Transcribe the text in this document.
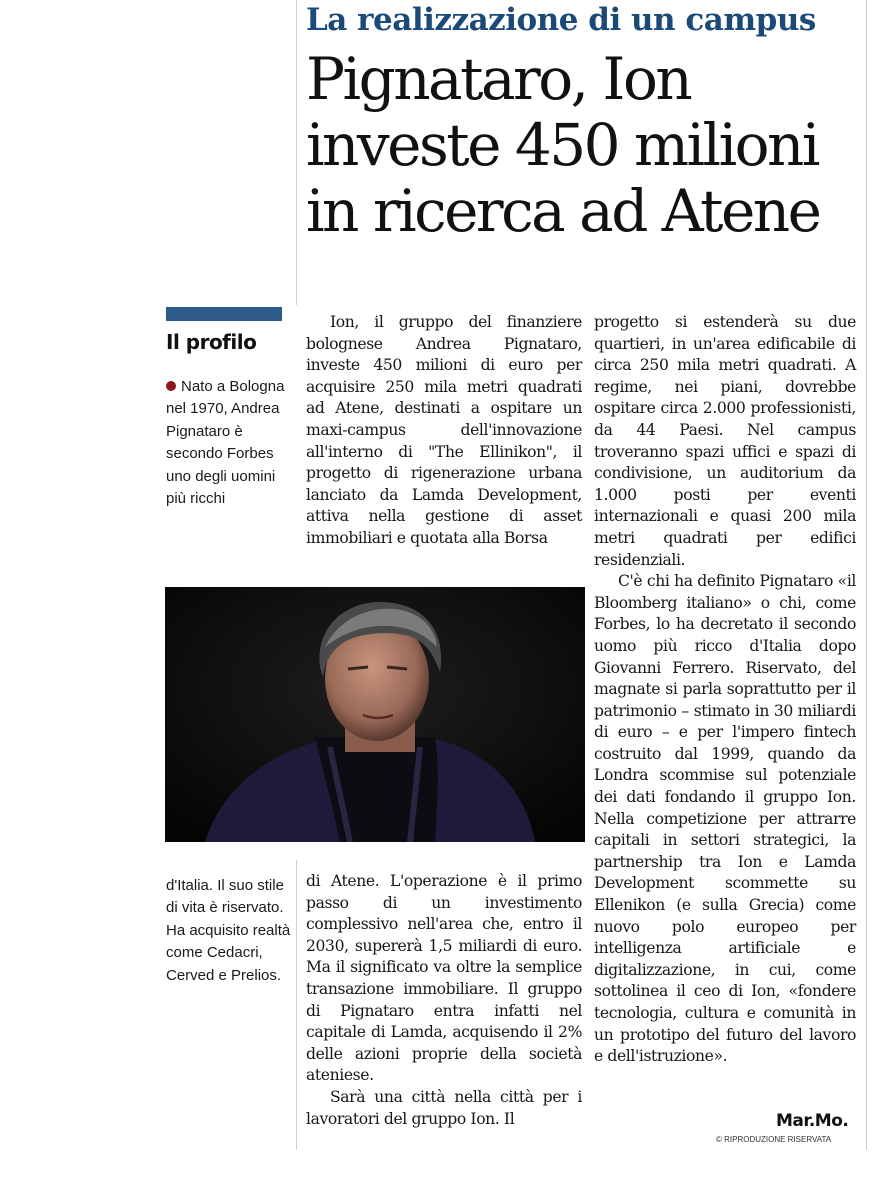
La realizzazione di un campus
Pignataro, Ion investe 450 milioni in ricerca ad Atene
Il profilo
Nato a Bologna nel 1970, Andrea Pignataro è secondo Forbes uno degli uomini più ricchi
d'Italia. Il suo stile di vita è riservato. Ha acquisito realtà come Cedacri, Cerved e Prelios.

Ion, il gruppo del finanziere bolognese Andrea Pignataro, investe 450 milioni di euro per acquisire 250 mila metri quadrati ad Atene, destinati a ospitare un maxi-campus dell'innovazione all'interno di "The Ellinikon", il progetto di rigenerazione urbana lanciato da Lamda Development, attiva nella gestione di asset immobiliari e quotata alla Borsa

di Atene. L'operazione è il primo passo di un investimento complessivo nell'area che, entro il 2030, supererà 1,5 miliardi di euro. Ma il significato va oltre la semplice transazione immobiliare. Il gruppo di Pignataro entra infatti nel capitale di Lamda, acquisendo il 2% delle azioni proprie della società ateniese.

Sarà una città nella città per i lavoratori del gruppo Ion. Il

progetto si estenderà su due quartieri, in un'area edificabile di circa 250 mila metri quadrati. A regime, nei piani, dovrebbe ospitare circa 2.000 professionisti, da 44 Paesi. Nel campus troveranno spazi uffici e spazi di condivisione, un auditorium da 1.000 posti per eventi internazionali e quasi 200 mila metri quadrati per edifici residenziali.

C'è chi ha definito Pignataro «il Bloomberg italiano» o chi, come Forbes, lo ha decretato il secondo uomo più ricco d'Italia dopo Giovanni Ferrero. Riservato, del magnate si parla soprattutto per il patrimonio – stimato in 30 miliardi di euro – e per l'impero fintech costruito dal 1999, quando da Londra scommise sul potenziale dei dati fondando il gruppo Ion. Nella competizione per attrarre capitali in settori strategici, la partnership tra Ion e Lamda Development scommette su Ellenikon (e sulla Grecia) come nuovo polo europeo per intelligenza artificiale e digitalizzazione, in cui, come sottolinea il ceo di Ion, «fondere tecnologia, cultura e comunità in un prototipo del futuro del lavoro e dell'istruzione».

Mar.Mo.
© RIPRODUZIONE RISERVATA
